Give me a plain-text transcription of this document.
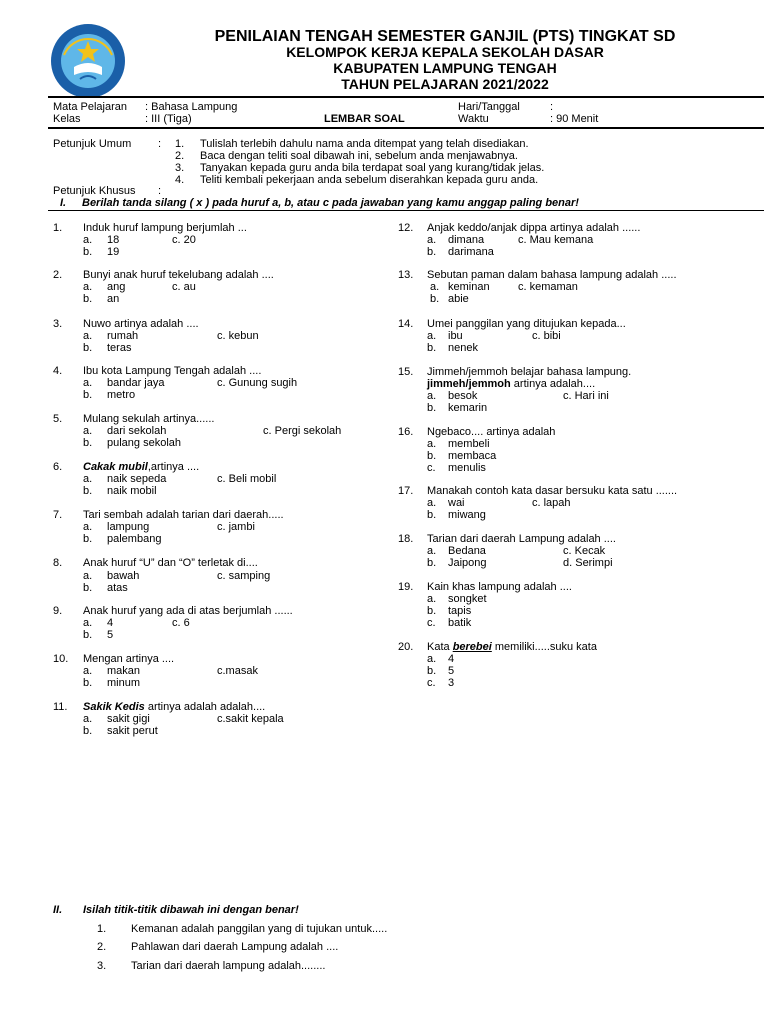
PENILAIAN TENGAH SEMESTER GANJIL (PTS) TINGKAT SD
KELOMPOK KERJA KEPALA SEKOLAH DASAR
KABUPATEN LAMPUNG TENGAH
TAHUN PELAJARAN 2021/2022
Mata Pelajaran : Bahasa Lampung
Kelas	: III (Tiga)	LEMBAR SOAL
Hari/Tanggal	:
Waktu	: 90 Menit
Petunjuk Umum : 1. Tulislah terlebih dahulu nama anda ditempat yang telah disediakan.
2. Baca dengan teliti soal dibawah ini, sebelum anda menjawabnya.
3. Tanyakan kepada guru anda bila terdapat soal yang kurang/tidak jelas.
4. Teliti kembali pekerjaan anda sebelum diserahkan kepada guru anda.
Petunjuk Khusus :
I. Berilah tanda silang ( x ) pada huruf a, b, atau c pada jawaban yang kamu anggap paling benar!
1. Induk huruf lampung berjumlah ...
a. 18	c. 20
b. 19
2. Bunyi anak huruf tekelubang adalah ....
a. ang	c. au
b. an
3. Nuwo artinya adalah ....
a. rumah	c. kebun
b. teras
4. Ibu kota Lampung Tengah adalah ....
a. bandar jaya	c. Gunung sugih
b. metro
5. Mulang sekulah artinya......
a. dari sekolah	c. Pergi sekolah
b. pulang sekolah
6. Cakak mubil,artinya ....
a. naik sepeda	c. Beli mobil
b. naik mobil
7. Tari sembah adalah tarian dari daerah.....
a. lampung	c. jambi
b. palembang
8. Anak huruf “U” dan “O” terletak di....
a. bawah	c. samping
b. atas
9. Anak huruf yang ada di atas berjumlah ......
a. 4	c. 6
b. 5
10. Mengan artinya ....
a. makan	c.masak
b. minum
11. Sakik Kedis artinya adalah adalah....
a. sakit gigi	c.sakit kepala
b. sakit perut
12. Anjak keddo/anjak dippa artinya adalah ......
a. dimana	c. Mau kemana
b. darimana
13. Sebutan paman dalam bahasa lampung adalah .....
a. keminan	c. kemaman
b. abie
14. Umei panggilan yang ditujukan kepada...
a. ibu	c. bibi
b. nenek
15. Jimmeh/jemmoh belajar bahasa lampung.
jimmeh/jemmoh artinya adalah....
a. besok	c. Hari ini
b. kemarin
16. Ngebaco.... artinya adalah
a. membeli
b. membaca
c. menulis
17. Manakah contoh kata dasar bersuku kata satu .......
a. wai	c. lapah
b. miwang
18. Tarian dari daerah Lampung adalah ....
a. Bedana	c. Kecak
b. Jaipong	d. Serimpi
19. Kain khas lampung adalah ....
a. songket
b. tapis
c. batik
20. Kata berebei memiliki.....suku kata
a. 4
b. 5
c. 3
II. Isilah titik-titik dibawah ini dengan benar!
1. Kemanan adalah panggilan yang di tujukan untuk.....
2. Pahlawan dari daerah Lampung adalah ....
3. Tarian dari daerah lampung adalah........
